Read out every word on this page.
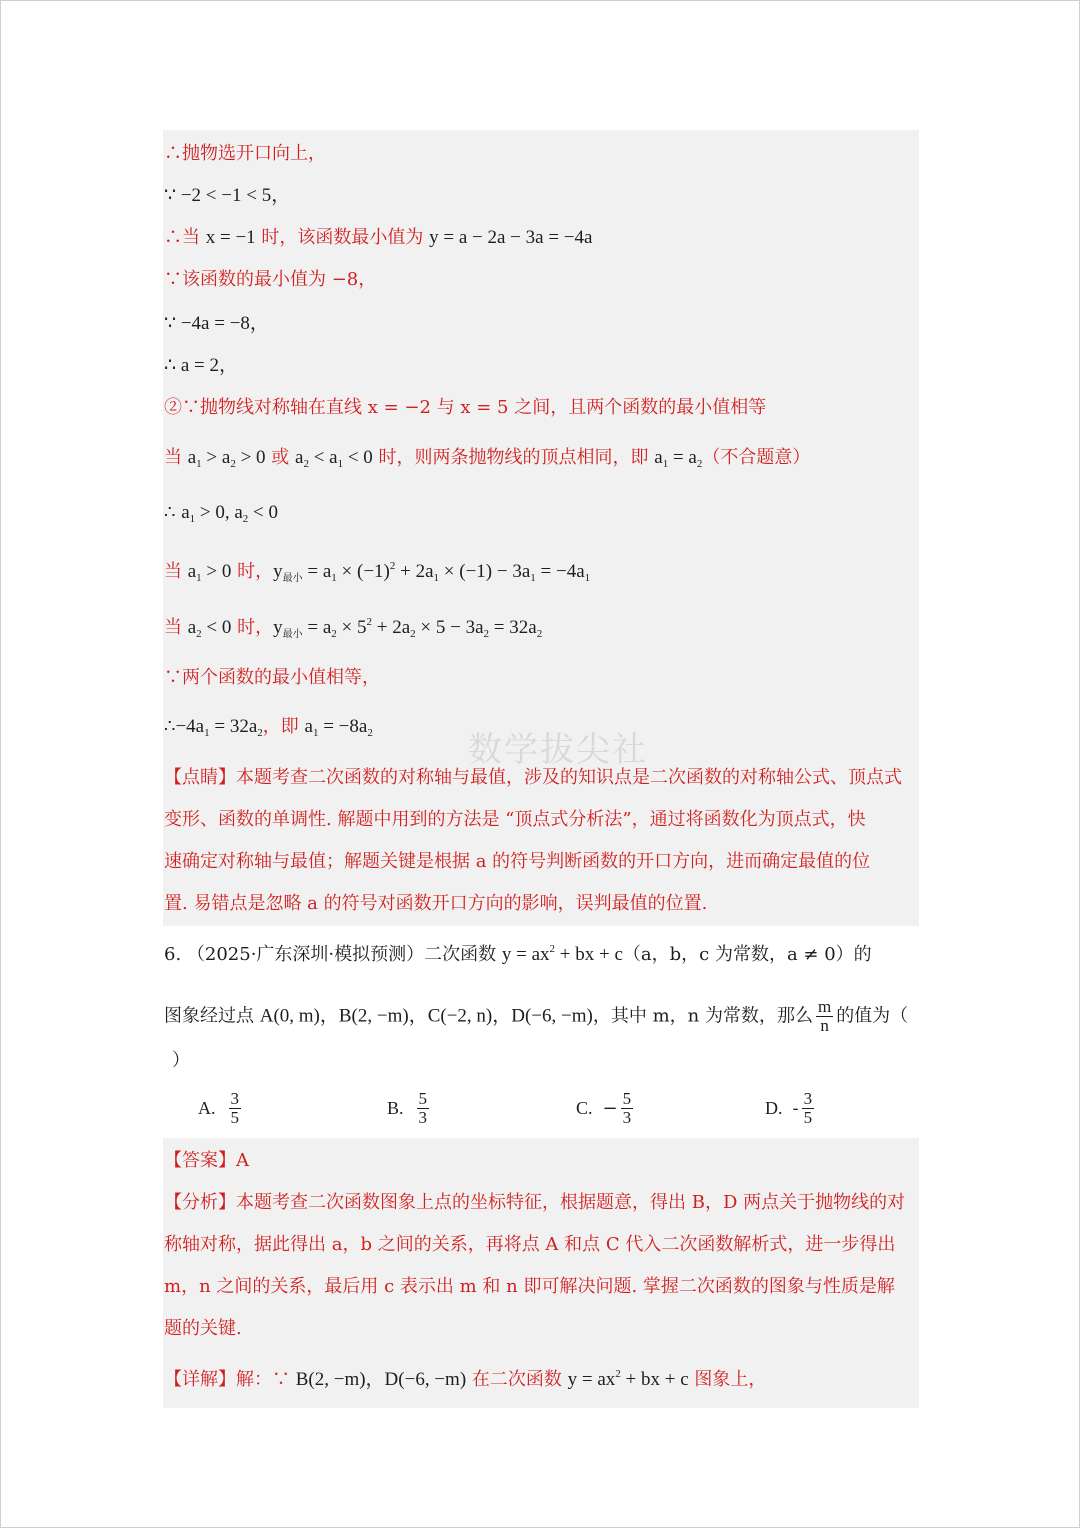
数学拔尖社
∴抛物选开口向上，
∵ −2 < −1 < 5，
∴当 x = −1 时，该函数最小值为 y = a − 2a − 3a = −4a
∵该函数的最小值为 −8，
∵ −4a = −8，
∴ a = 2，
②∵抛物线对称轴在直线 x = −2 与 x = 5 之间，且两个函数的最小值相等
当 $a_1 > a_2 > 0$ 或 $a_2 < a_1 < 0$ 时，则两条抛物线的顶点相同，即 $a_1 = a_2$（不合题意）
∴ $a_1 > 0$, $a_2 < 0$
当 $a_1 > 0$ 时，$y_{最小} = a_1 \times (-1)^2 + 2a_1 \times (-1) - 3a_1 = -4a_1$
当 $a_2 < 0$ 时，$y_{最小} = a_2 \times 5^2 + 2a_2 \times 5 - 3a_2 = 32a_2$
∵两个函数的最小值相等，
$\therefore-4a_1 = 32a_2$，即 $a_1 = -8a_2$
【点睛】本题考查二次函数的对称轴与最值，涉及的知识点是二次函数的对称轴公式、顶点式
变形、函数的单调性. 解题中用到的方法是 “顶点式分析法”，通过将函数化为顶点式，快
速确定对称轴与最值；解题关键是根据 a 的符号判断函数的开口方向，进而确定最值的位
置. 易错点是忽略 a 的符号对函数开口方向的影响，误判最值的位置.
6. （2025·广东深圳·模拟预测）二次函数 $y = ax^2$ + bx + c（a，b，c 为常数，a ≠ 0）的
图象经过点 A(0, m)，B(2, −m)，C(−2, n)，D(−6, −m)，其中 m，n 为常数，那么 $\frac{m}{n}$ 的值为（
）
A. $\frac{3}{5}$	B. $\frac{5}{3}$	C. − $\frac{5}{3}$	D. - $\frac{3}{5}$
【答案】A
【分析】本题考查二次函数图象上点的坐标特征，根据题意，得出 B，D 两点关于抛物线的对
称轴对称，据此得出 a，b 之间的关系，再将点 A 和点 C 代入二次函数解析式，进一步得出
m，n 之间的关系，最后用 c 表示出 m 和 n 即可解决问题. 掌握二次函数的图象与性质是解
题的关键.
【详解】解：∵ B(2, −m)，D(−6, −m) 在二次函数 $y = ax^2$ + bx + c 图象上，
